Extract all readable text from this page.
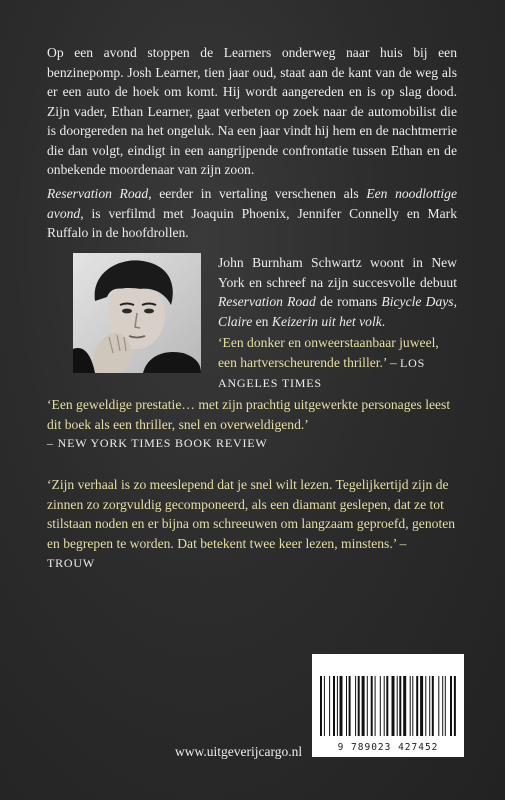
Op een avond stoppen de Learners onderweg naar huis bij een benzinepomp. Josh Learner, tien jaar oud, staat aan de kant van de weg als er een auto de hoek om komt. Hij wordt aangereden en is op slag dood. Zijn vader, Ethan Learner, gaat verbeten op zoek naar de automobilist die is doorgereden na het ongeluk. Na een jaar vindt hij hem en de nachtmerrie die dan volgt, eindigt in een aangrijpende confrontatie tussen Ethan en de onbekende moordenaar van zijn zoon.

Reservation Road, eerder in vertaling verschenen als Een noodlottige avond, is verfilmd met Joaquin Phoenix, Jennifer Connelly en Mark Ruffalo in de hoofdrollen.

John Burnham Schwartz woont in New York en schreef na zijn succesvolle debuut Reservation Road de romans Bicycle Days, Claire en Keizerin uit het volk.

‘Een donker en onweerstaanbaar juweel, een hartverscheurende thriller.’ – LOS ANGELES TIMES

‘Een geweldige prestatie… met zijn prachtig uitgewerkte personages leest dit boek als een thriller, snel en overweldigend.’
– NEW YORK TIMES BOOK REVIEW

‘Zijn verhaal is zo meeslepend dat je snel wilt lezen. Tegelijkertijd zijn de zinnen zo zorgvuldig gecomponeerd, als een diamant geslepen, dat ze tot stilstaan noden en er bijna om schreeuwen om langzaam geproefd, genoten en begrepen te worden. Dat betekent twee keer lezen, minstens.’ – TROUW

www.uitgeverijcargo.nl	9 789023 427452
